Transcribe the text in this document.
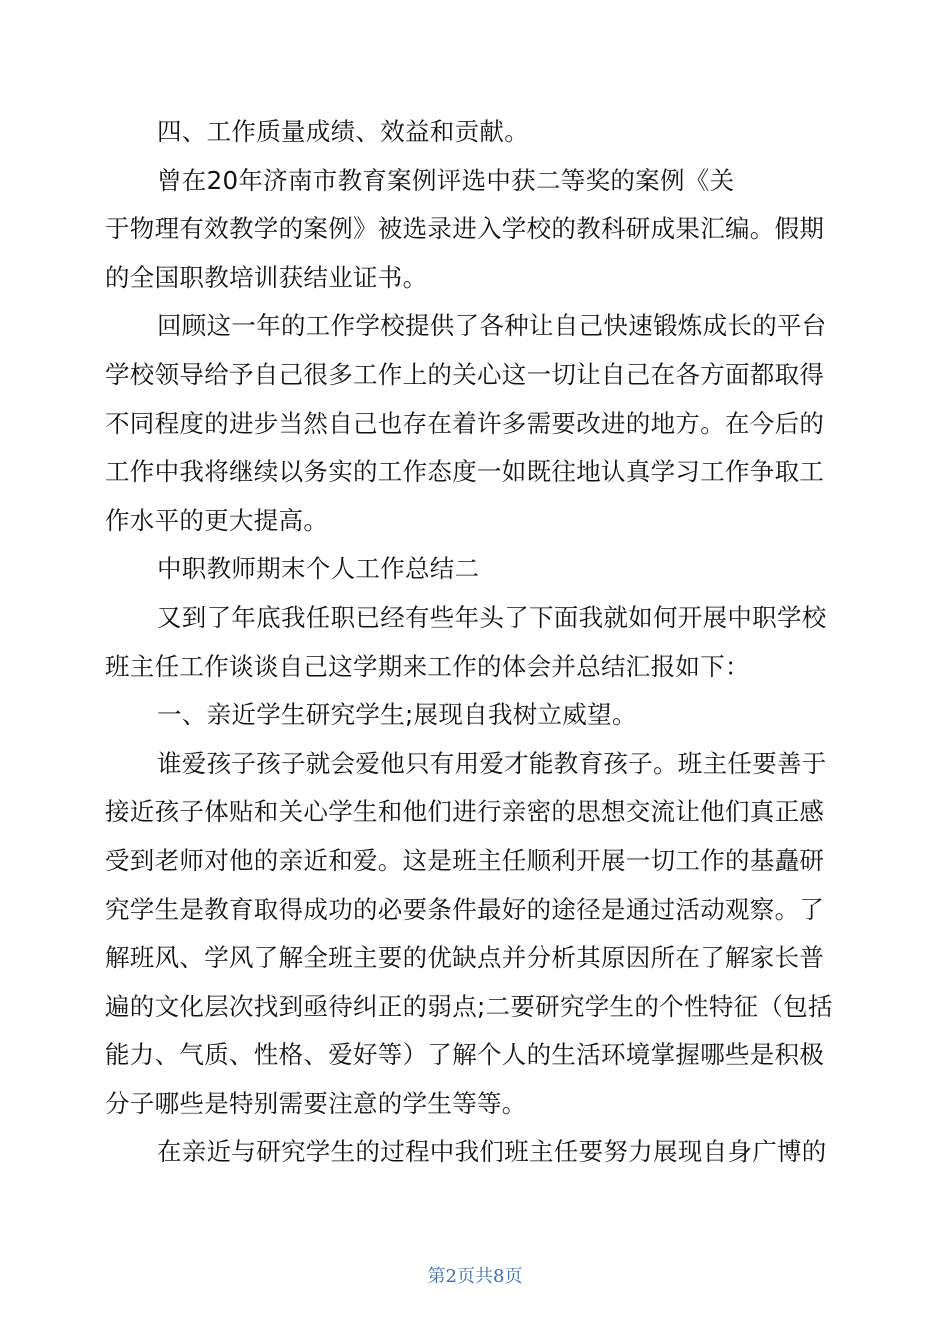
四、工作质量成绩、效益和贡献。
曾在20年济南市教育案例评选中获二等奖的案例《关
于物理有效教学的案例》被选录进入学校的教科研成果汇编。假期
的全国职教培训获结业证书。
回顾这一年的工作学校提供了各种让自己快速锻炼成长的平台
学校领导给予自己很多工作上的关心这一切让自己在各方面都取得
不同程度的进步当然自己也存在着许多需要改进的地方。在今后的
工作中我将继续以务实的工作态度一如既往地认真学习工作争取工
作水平的更大提高。
中职教师期末个人工作总结二
又到了年底我任职已经有些年头了下面我就如何开展中职学校
班主任工作谈谈自己这学期来工作的体会并总结汇报如下：
一、亲近学生研究学生;展现自我树立威望。
谁爱孩子孩子就会爱他只有用爱才能教育孩子。班主任要善于
接近孩子体贴和关心学生和他们进行亲密的思想交流让他们真正感
受到老师对他的亲近和爱。这是班主任顺利开展一切工作的基矗研
究学生是教育取得成功的必要条件最好的途径是通过活动观察。了
解班风、学风了解全班主要的优缺点并分析其原因所在了解家长普
遍的文化层次找到亟待纠正的弱点;二要研究学生的个性特征（包括
能力、气质、性格、爱好等）了解个人的生活环境掌握哪些是积极
分子哪些是特别需要注意的学生等等。
在亲近与研究学生的过程中我们班主任要努力展现自身广博的
第2页共8页
